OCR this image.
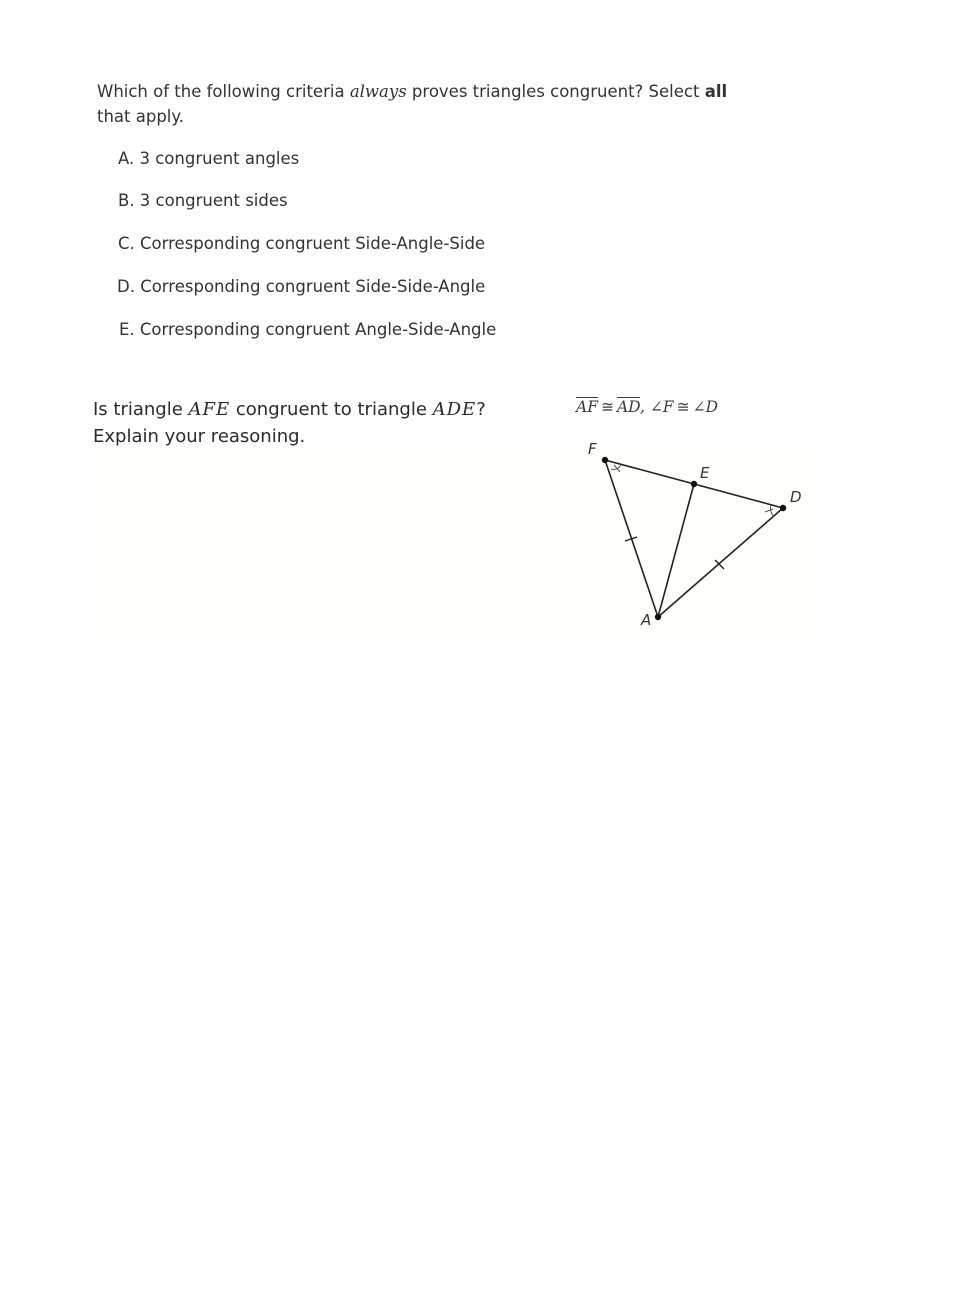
Which of the following criteria always proves triangles congruent? Select all that apply.
A. 3 congruent angles
B. 3 congruent sides
C. Corresponding congruent Side-Angle-Side
D. Corresponding congruent Side-Side-Angle
E. Corresponding congruent Angle-Side-Angle
Is triangle AFE congruent to triangle ADE?
Explain your reasoning.
$\overline{AF}$ ≅ $\overline{AD}$, ∠F ≅ ∠D
F
E
D
A
